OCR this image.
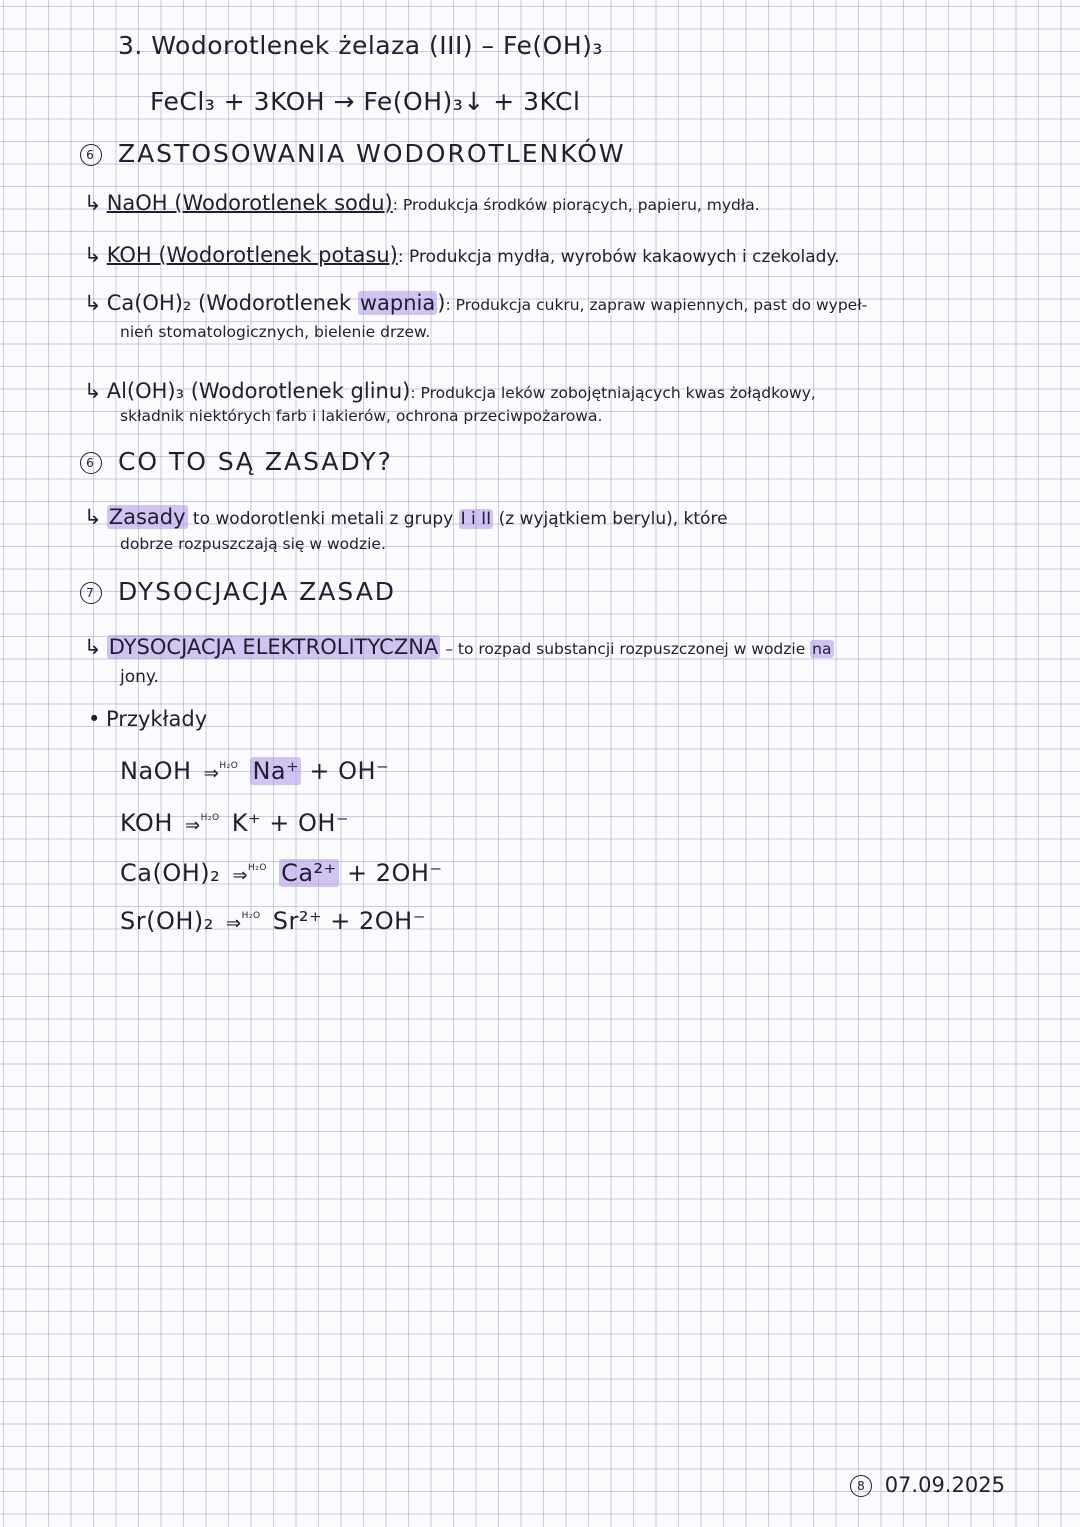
3. Wodorotlenek żelaza (III) – Fe(OH)₃
FeCl₃ + 3KOH → Fe(OH)₃↓ + 3KCl
6 ZASTOSOWANIA WODOROTLENKÓW
↳ NaOH (Wodorotlenek sodu): Produkcja środków piorących, papieru, mydła.
↳ KOH (Wodorotlenek potasu): Produkcja mydła, wyrobów kakaowych i czekolady.
↳ Ca(OH)₂ (Wodorotlenek wapnia): Produkcja cukru, zapraw wapiennych, past do wypeł-
nień stomatologicznych, bielenie drzew.
↳ Al(OH)₃ (Wodorotlenek glinu): Produkcja leków zobojętniających kwas żołądkowy,
składnik niektórych farb i lakierów, ochrona przeciwpożarowa.
6 CO TO SĄ ZASADY?
↳ Zasady to wodorotlenki metali z grupy I i II (z wyjątkiem berylu), które
dobrze rozpuszczają się w wodzie.
7 DYSOCJACJA ZASAD
↳ DYSOCJACJA ELEKTROLITYCZNA – to rozpad substancji rozpuszczonej w wodzie na
jony.
• Przykłady
NaOH ⇒$^{H_2O}$ Na⁺ + OH⁻
KOH ⇒$^{H_2O}$ K⁺ + OH⁻
Ca(OH)₂ ⇒$^{H_2O}$ Ca²⁺ + 2OH⁻
Sr(OH)₂ ⇒$^{H_2O}$ Sr²⁺ + 2OH⁻
8 07.09.2025
